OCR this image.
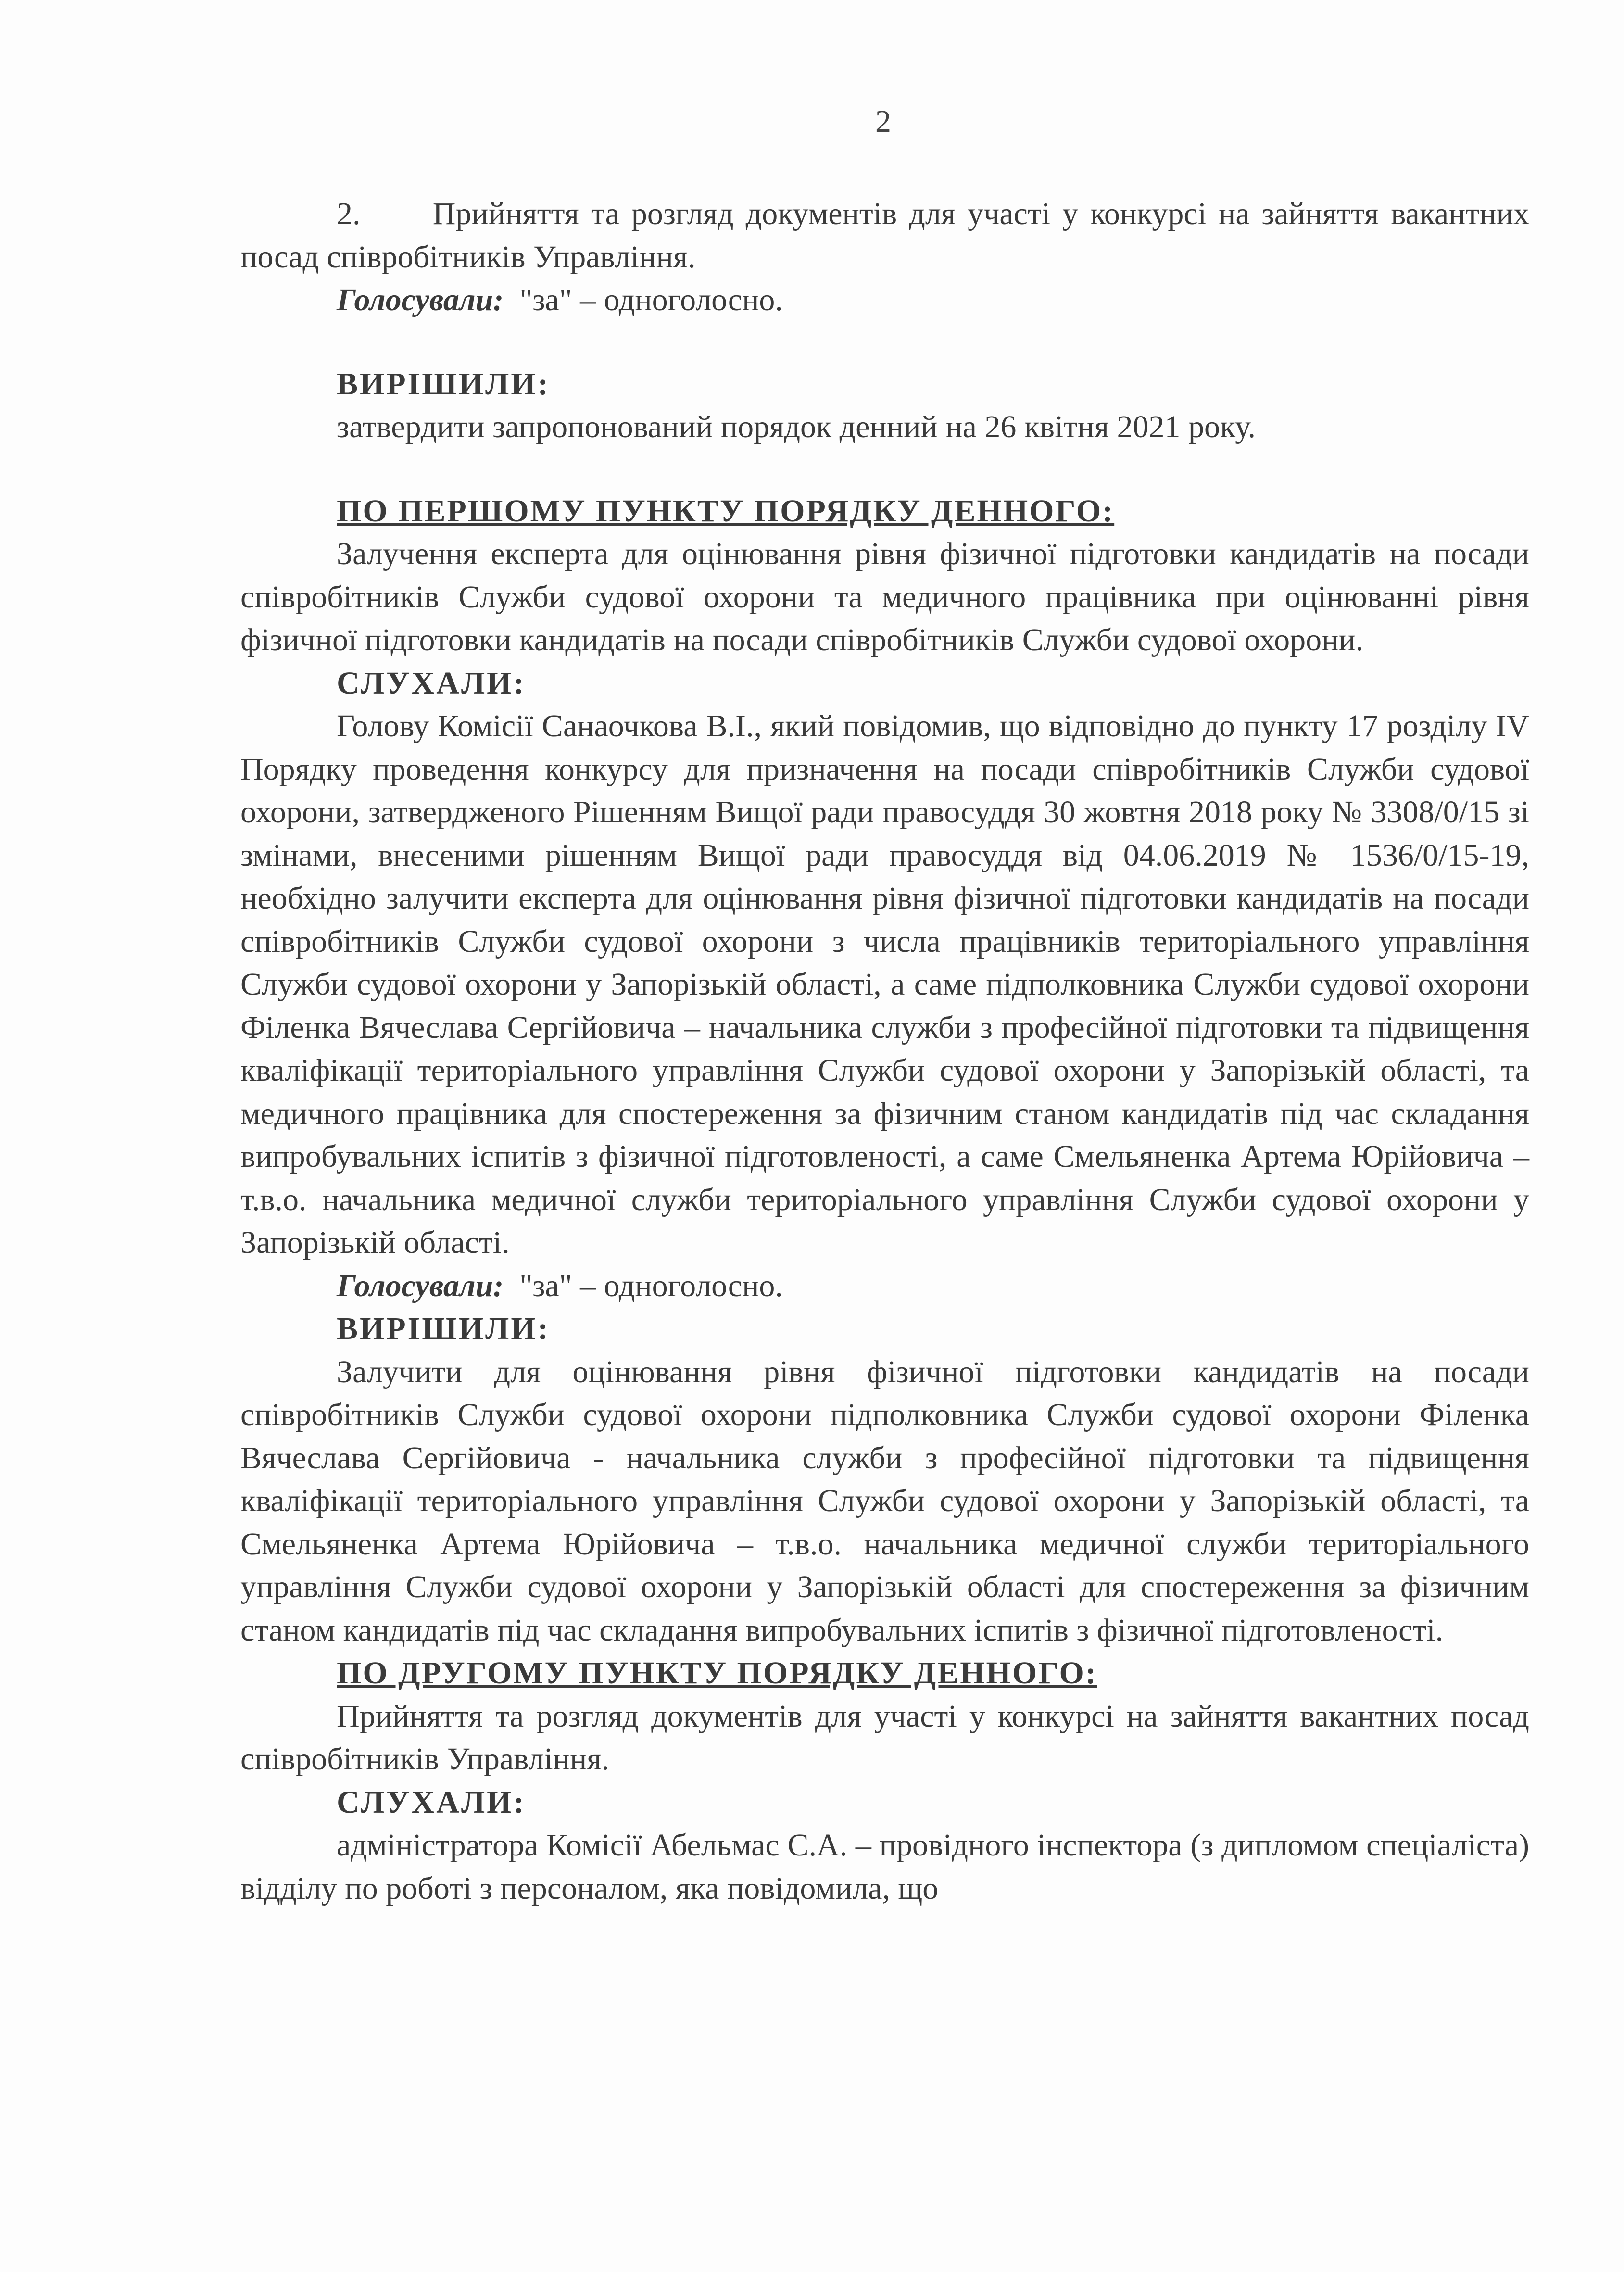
2

2. Прийняття та розгляд документів для участі у конкурсі на зайняття вакантних посад співробітників Управління.

Голосували: "за" – одноголосно.

ВИРІШИЛИ:

затвердити запропонований порядок денний на 26 квітня 2021 року.

ПО ПЕРШОМУ ПУНКТУ ПОРЯДКУ ДЕННОГО:

Залучення експерта для оцінювання рівня фізичної підготовки кандидатів на посади співробітників Служби судової охорони та медичного працівника при оцінюванні рівня фізичної підготовки кандидатів на посади співробітників Служби судової охорони.

СЛУХАЛИ:

Голову Комісії Санаочкова В.І., який повідомив, що відповідно до пункту 17 розділу IV Порядку проведення конкурсу для призначення на посади співробітників Служби судової охорони, затвердженого Рішенням Вищої ради правосуддя 30 жовтня 2018 року № 3308/0/15 зі змінами, внесеними рішенням Вищої ради правосуддя від 04.06.2019 № 1536/0/15-19, необхідно залучити експерта для оцінювання рівня фізичної підготовки кандидатів на посади співробітників Служби судової охорони з числа працівників територіального управління Служби судової охорони у Запорізькій області, а саме підполковника Служби судової охорони Філенка Вячеслава Сергійовича – начальника служби з професійної підготовки та підвищення кваліфікації територіального управління Служби судової охорони у Запорізькій області, та медичного працівника для спостереження за фізичним станом кандидатів під час складання випробувальних іспитів з фізичної підготовленості, а саме Смельяненка Артема Юрійовича – т.в.о. начальника медичної служби територіального управління Служби судової охорони у Запорізькій області.

Голосували: "за" – одноголосно.

ВИРІШИЛИ:

Залучити для оцінювання рівня фізичної підготовки кандидатів на посади співробітників Служби судової охорони підполковника Служби судової охорони Філенка Вячеслава Сергійовича - начальника служби з професійної підготовки та підвищення кваліфікації територіального управління Служби судової охорони у Запорізькій області, та Смельяненка Артема Юрійовича – т.в.о. начальника медичної служби територіального управління Служби судової охорони у Запорізькій області для спостереження за фізичним станом кандидатів під час складання випробувальних іспитів з фізичної підготовленості.

ПО ДРУГОМУ ПУНКТУ ПОРЯДКУ ДЕННОГО:

Прийняття та розгляд документів для участі у конкурсі на зайняття вакантних посад співробітників Управління.

СЛУХАЛИ:

адміністратора Комісії Абельмас С.А. – провідного інспектора (з дипломом спеціаліста) відділу по роботі з персоналом, яка повідомила, що
